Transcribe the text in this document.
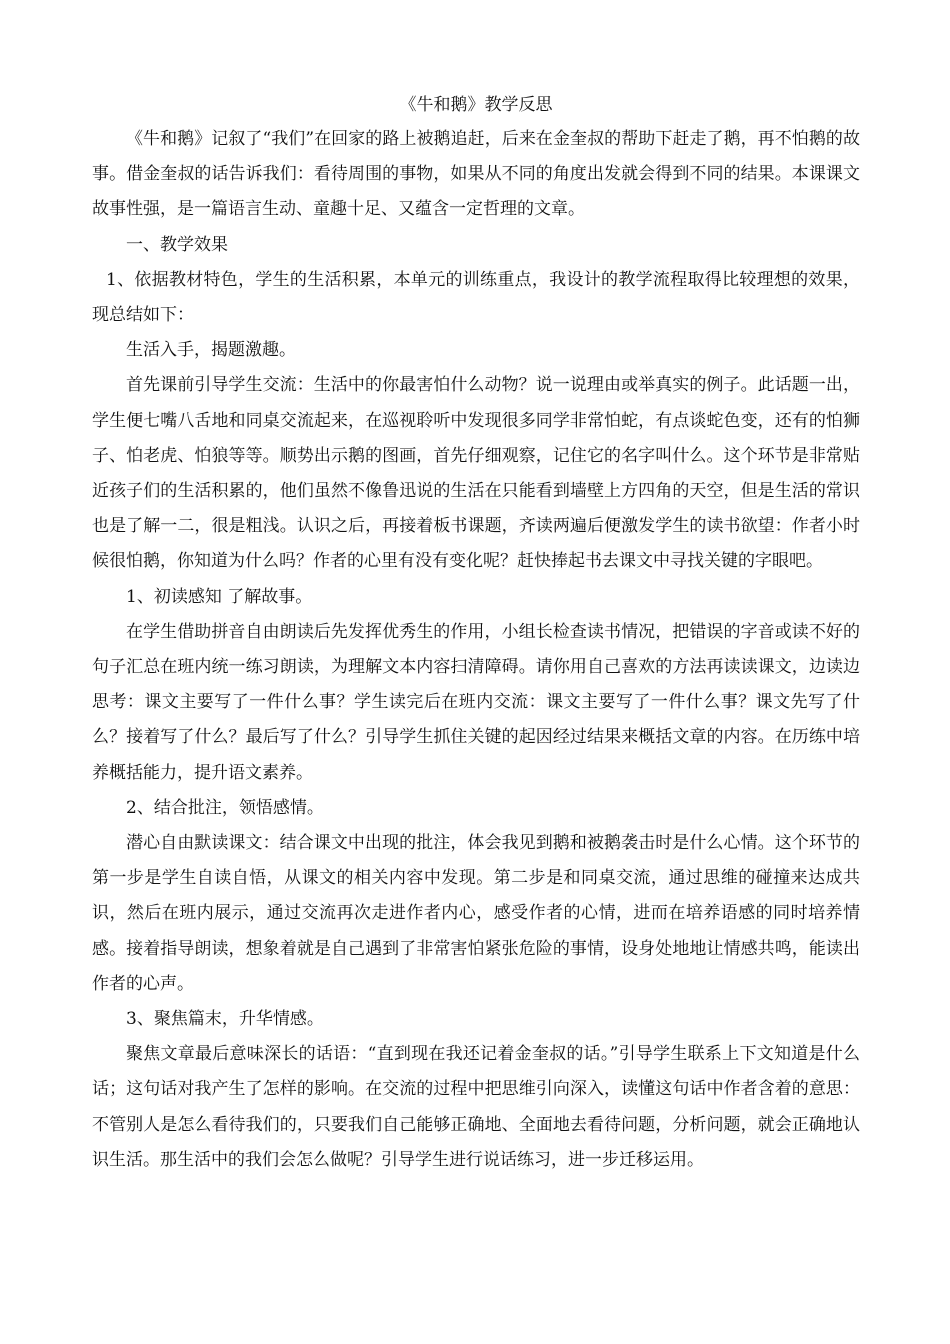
《牛和鹅》教学反思

《牛和鹅》记叙了“我们”在回家的路上被鹅追赶，后来在金奎叔的帮助下赶走了鹅，再不怕鹅的故事。借金奎叔的话告诉我们：看待周围的事物，如果从不同的角度出发就会得到不同的结果。本课课文故事性强，是一篇语言生动、童趣十足、又蕴含一定哲理的文章。

一、教学效果

1、依据教材特色，学生的生活积累，本单元的训练重点，我设计的教学流程取得比较理想的效果，现总结如下：

生活入手，揭题激趣。

首先课前引导学生交流：生活中的你最害怕什么动物？说一说理由或举真实的例子。此话题一出，学生便七嘴八舌地和同桌交流起来，在巡视聆听中发现很多同学非常怕蛇，有点谈蛇色变，还有的怕狮子、怕老虎、怕狼等等。顺势出示鹅的图画，首先仔细观察，记住它的名字叫什么。这个环节是非常贴近孩子们的生活积累的，他们虽然不像鲁迅说的生活在只能看到墙壁上方四角的天空，但是生活的常识也是了解一二，很是粗浅。认识之后，再接着板书课题，齐读两遍后便激发学生的读书欲望：作者小时候很怕鹅，你知道为什么吗？作者的心里有没有变化呢？赶快捧起书去课文中寻找关键的字眼吧。

1、初读感知 了解故事。

在学生借助拼音自由朗读后先发挥优秀生的作用，小组长检查读书情况，把错误的字音或读不好的句子汇总在班内统一练习朗读，为理解文本内容扫清障碍。请你用自己喜欢的方法再读读课文，边读边思考：课文主要写了一件什么事？学生读完后在班内交流：课文主要写了一件什么事？课文先写了什么？接着写了什么？最后写了什么？引导学生抓住关键的起因经过结果来概括文章的内容。在历练中培养概括能力，提升语文素养。

2、结合批注，领悟感情。

潜心自由默读课文：结合课文中出现的批注，体会我见到鹅和被鹅袭击时是什么心情。这个环节的第一步是学生自读自悟，从课文的相关内容中发现。第二步是和同桌交流，通过思维的碰撞来达成共识，然后在班内展示，通过交流再次走进作者内心，感受作者的心情，进而在培养语感的同时培养情感。接着指导朗读，想象着就是自己遇到了非常害怕紧张危险的事情，设身处地地让情感共鸣，能读出作者的心声。

3、聚焦篇末，升华情感。

聚焦文章最后意味深长的话语：“直到现在我还记着金奎叔的话。”引导学生联系上下文知道是什么话；这句话对我产生了怎样的影响。在交流的过程中把思维引向深入，读懂这句话中作者含着的意思：不管别人是怎么看待我们的，只要我们自己能够正确地、全面地去看待问题，分析问题，就会正确地认识生活。那生活中的我们会怎么做呢？引导学生进行说话练习，进一步迁移运用。
